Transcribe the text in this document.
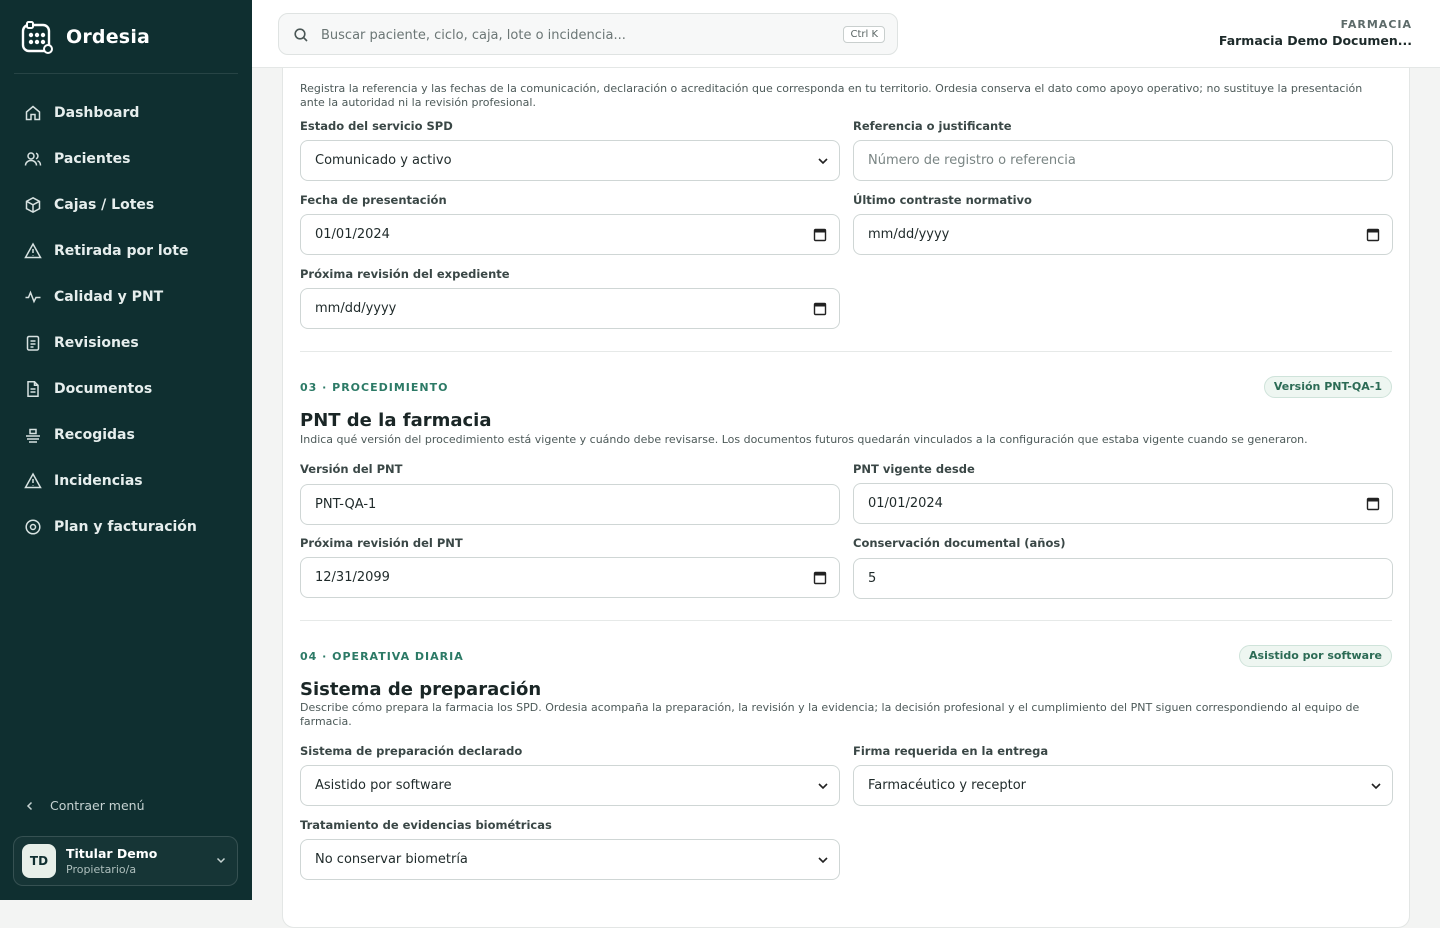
Ordesia
Dashboard
Pacientes
Cajas / Lotes
Retirada por lote
Calidad y PNT
Revisiones
Documentos
Recogidas
Incidencias
Plan y facturación
Contraer menú
TD	Titular Demo
Propietario/a
Buscar paciente, ciclo, caja, lote o incidencia...
Ctrl K
FARMACIA
Farmacia Demo Documen...
Registra la referencia y las fechas de la comunicación, declaración o acreditación que corresponda en tu territorio. Ordesia conserva el dato como apoyo operativo; no sustituye la presentación ante la autoridad ni la revisión profesional.
Estado del servicio SPD
Comunicado y activo
Referencia o justificante
Número de registro o referencia
Fecha de presentación
01/01/2024
Último contraste normativo
mm/dd/yyyy
Próxima revisión del expediente
mm/dd/yyyy
03 · PROCEDIMIENTO	Versión PNT-QA-1
PNT de la farmacia
Indica qué versión del procedimiento está vigente y cuándo debe revisarse. Los documentos futuros quedarán vinculados a la configuración que estaba vigente cuando se generaron.
Versión del PNT
PNT-QA-1
PNT vigente desde
01/01/2024
Próxima revisión del PNT
12/31/2099
Conservación documental (años)
5
04 · OPERATIVA DIARIA	Asistido por software
Sistema de preparación
Describe cómo prepara la farmacia los SPD. Ordesia acompaña la preparación, la revisión y la evidencia; la decisión profesional y el cumplimiento del PNT siguen correspondiendo al equipo de farmacia.
Sistema de preparación declarado
Asistido por software
Firma requerida en la entrega
Farmacéutico y receptor
Tratamiento de evidencias biométricas
No conservar biometría
